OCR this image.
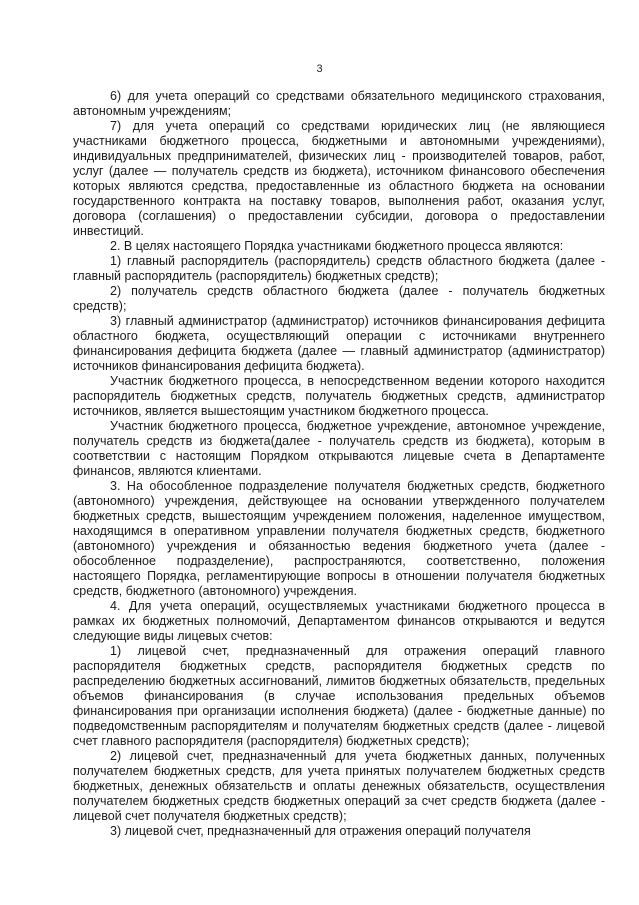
3

6) для учета операций со средствами обязательного медицинского страхования, автономным учреждениям;

7) для учета операций со средствами юридических лиц (не являющиеся участниками бюджетного процесса, бюджетными и автономными учреждениями), индивидуальных предпринимателей, физических лиц - производителей товаров, работ, услуг (далее — получатель средств из бюджета), источником финансового обеспечения которых являются средства, предоставленные из областного бюджета на основании государственного контракта на поставку товаров, выполнения работ, оказания услуг, договора (соглашения) о предоставлении субсидии, договора о предоставлении инвестиций.

2. В целях настоящего Порядка участниками бюджетного процесса являются:

1) главный распорядитель (распорядитель) средств областного бюджета (далее - главный распорядитель (распорядитель) бюджетных средств);

2) получатель средств областного бюджета (далее - получатель бюджетных средств);

3) главный администратор (администратор) источников финансирования дефицита областного бюджета, осуществляющий операции с источниками внутреннего финансирования дефицита бюджета (далее — главный администратор (администратор) источников финансирования дефицита бюджета).

Участник бюджетного процесса, в непосредственном ведении которого находится распорядитель бюджетных средств, получатель бюджетных средств, администратор источников, является вышестоящим участником бюджетного процесса.

Участник бюджетного процесса, бюджетное учреждение, автономное учреждение, получатель средств из бюджета(далее - получатель средств из бюджета), которым в соответствии с настоящим Порядком открываются лицевые счета в Департаменте финансов, являются клиентами.

3. На обособленное подразделение получателя бюджетных средств, бюджетного (автономного) учреждения, действующее на основании утвержденного получателем бюджетных средств, вышестоящим учреждением положения, наделенное имуществом, находящимся в оперативном управлении получателя бюджетных средств, бюджетного (автономного) учреждения и обязанностью ведения бюджетного учета (далее - обособленное подразделение), распространяются, соответственно, положения настоящего Порядка, регламентирующие вопросы в отношении получателя бюджетных средств, бюджетного (автономного) учреждения.

4. Для учета операций, осуществляемых участниками бюджетного процесса в рамках их бюджетных полномочий, Департаментом финансов открываются и ведутся следующие виды лицевых счетов:

1) лицевой счет, предназначенный для отражения операций главного распорядителя бюджетных средств, распорядителя бюджетных средств по распределению бюджетных ассигнований, лимитов бюджетных обязательств, предельных объемов финансирования (в случае использования предельных объемов финансирования при организации исполнения бюджета) (далее - бюджетные данные) по подведомственным распорядителям и получателям бюджетных средств (далее - лицевой счет главного распорядителя (распорядителя) бюджетных средств);

2) лицевой счет, предназначенный для учета бюджетных данных, полученных получателем бюджетных средств, для учета принятых получателем бюджетных средств бюджетных, денежных обязательств и оплаты денежных обязательств, осуществления получателем бюджетных средств бюджетных операций за счет средств бюджета (далее - лицевой счет получателя бюджетных средств);

3) лицевой счет, предназначенный для отражения операций получателя
